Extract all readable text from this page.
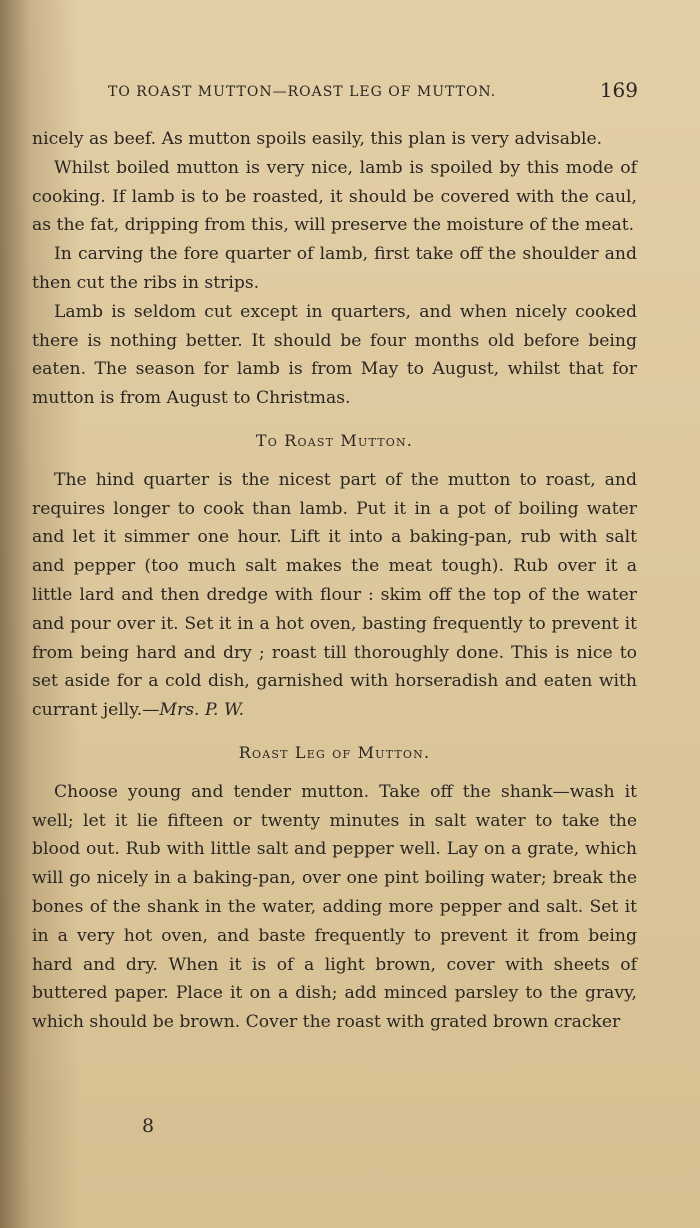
TO ROAST MUTTON—ROAST LEG OF MUTTON.	169

nicely as beef. As mutton spoils easily, this plan is very advisable.

Whilst boiled mutton is very nice, lamb is spoiled by this mode of cooking. If lamb is to be roasted, it should be covered with the caul, as the fat, dripping from this, will preserve the moisture of the meat.

In carving the fore quarter of lamb, first take off the shoulder and then cut the ribs in strips.

Lamb is seldom cut except in quarters, and when nicely cooked there is nothing better. It should be four months old before being eaten. The season for lamb is from May to August, whilst that for mutton is from August to Christmas.

To Roast Mutton.

The hind quarter is the nicest part of the mutton to roast, and requires longer to cook than lamb. Put it in a pot of boiling water and let it simmer one hour. Lift it into a baking-pan, rub with salt and pepper (too much salt makes the meat tough). Rub over it a little lard and then dredge with flour : skim off the top of the water and pour over it. Set it in a hot oven, basting frequently to prevent it from being hard and dry ; roast till thoroughly done. This is nice to set aside for a cold dish, garnished with horseradish and eaten with currant jelly.—Mrs. P. W.

Roast Leg of Mutton.

Choose young and tender mutton. Take off the shank—wash it well; let it lie fifteen or twenty minutes in salt water to take the blood out. Rub with little salt and pepper well. Lay on a grate, which will go nicely in a baking-pan, over one pint boiling water; break the bones of the shank in the water, adding more pepper and salt. Set it in a very hot oven, and baste frequently to prevent it from being hard and dry. When it is of a light brown, cover with sheets of buttered paper. Place it on a dish; add minced parsley to the gravy, which should be brown. Cover the roast with grated brown cracker

8
